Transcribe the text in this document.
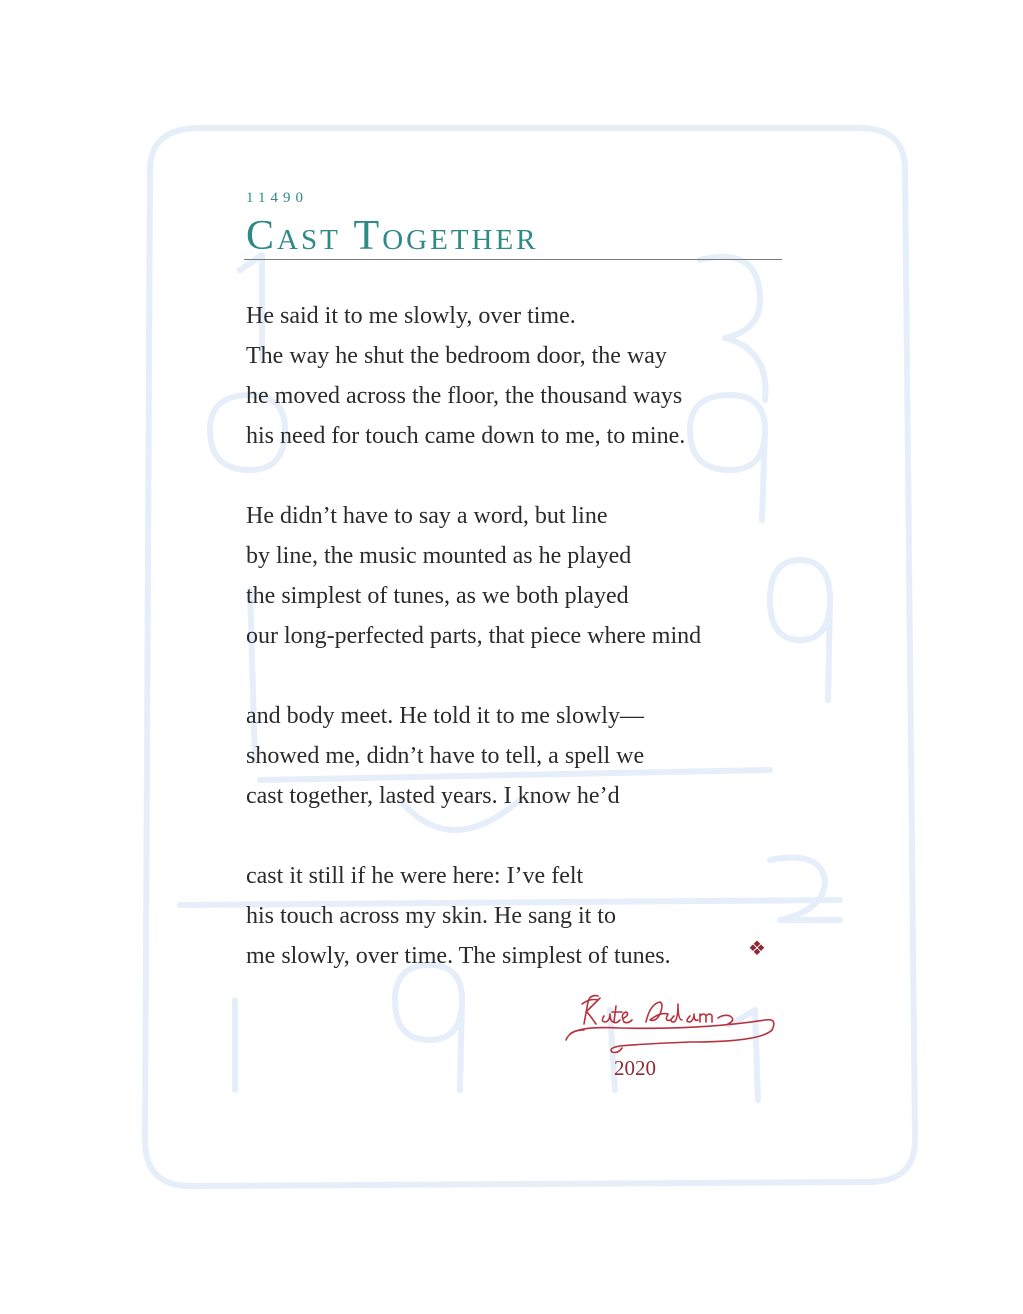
11490

Cast Together

He said it to me slowly, over time.

The way he shut the bedroom door, the way

he moved across the floor, the thousand ways

his need for touch came down to me, to mine.

He didn’t have to say a word, but line

by line, the music mounted as he played

the simplest of tunes, as we both played

our long-perfected parts, that piece where mind

and body meet. He told it to me slowly—

showed me, didn’t have to tell, a spell we

cast together, lasted years. I know he’d

cast it still if he were here: I’ve felt

his touch across my skin. He sang it to

me slowly, over time. The simplest of tunes.	❖
2020
